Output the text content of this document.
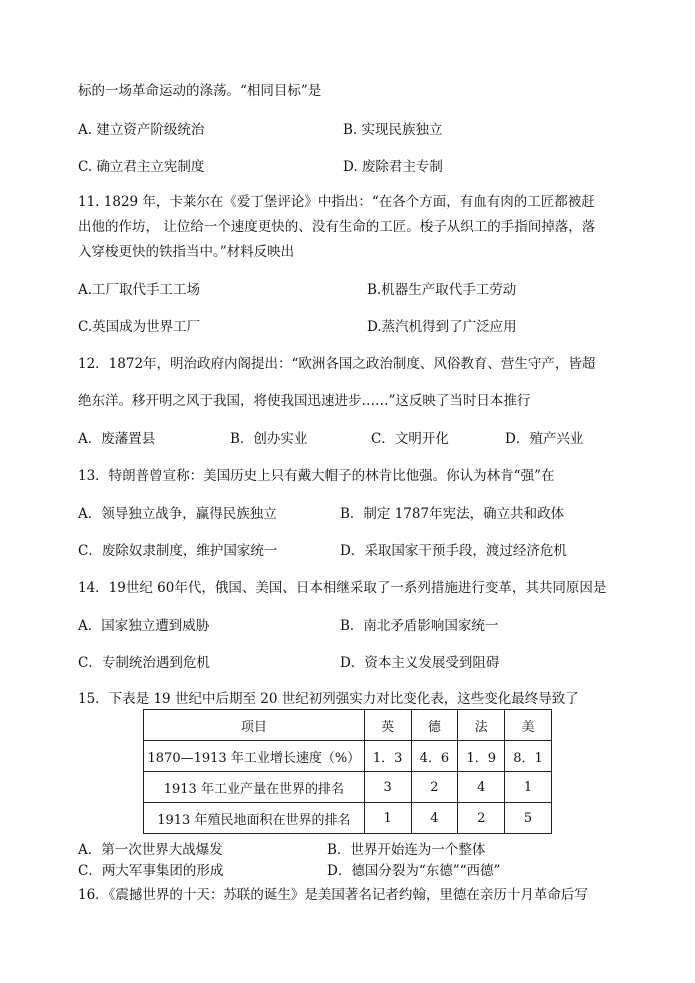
标的一场革命运动的涤荡。“相同目标”是
A. 建立资产阶级统治	B. 实现民族独立
C. 确立君主立宪制度	D. 废除君主专制
11. 1829 年，卡莱尔在《爱丁堡评论》中指出：“在各个方面，有血有肉的工匠都被赶
出他的作坊， 让位给一个速度更快的、没有生命的工匠。梭子从织工的手指间掉落，落
入穿梭更快的铁指当中。”材料反映出
A.工厂取代手工工场	B.机器生产取代手工劳动
C.英国成为世界工厂	D.蒸汽机得到了广泛应用
12．1872年，明治政府内阁提出：“欧洲各国之政治制度、风俗教育、营生守产，皆超
绝东洋。移开明之风于我国，将使我国迅速进步……”这反映了当时日本推行
A．废藩置县	B．创办实业	C．文明开化	D．殖产兴业
13．特朗普曾宣称：美国历史上只有戴大帽子的林肯比他强。你认为林肯“强”在
A．领导独立战争，赢得民族独立	B．制定 1787年宪法，确立共和政体
C．废除奴隶制度，维护国家统一	D．采取国家干预手段，渡过经济危机
14．19世纪 60年代，俄国、美国、日本相继采取了一系列措施进行变革，其共同原因是
A．国家独立遭到威胁	B．南北矛盾影响国家统一
C．专制统治遇到危机	D．资本主义发展受到阻碍
15．下表是 19 世纪中后期至 20 世纪初列强实力对比变化表，这些变化最终导致了
项目	英	德	法	美
1870—1913 年工业增长速度（%）	1．3	4．6	1．9	8．1
1913 年工业产量在世界的排名	3	2	4	1
1913 年殖民地面积在世界的排名	1	4	2	5
A．第一次世界大战爆发	B．世界开始连为一个整体
C．两大军事集团的形成	D．德国分裂为“东德”“西德”
16．《震撼世界的十天：苏联的诞生》是美国著名记者约翰，里德在亲历十月革命后写
